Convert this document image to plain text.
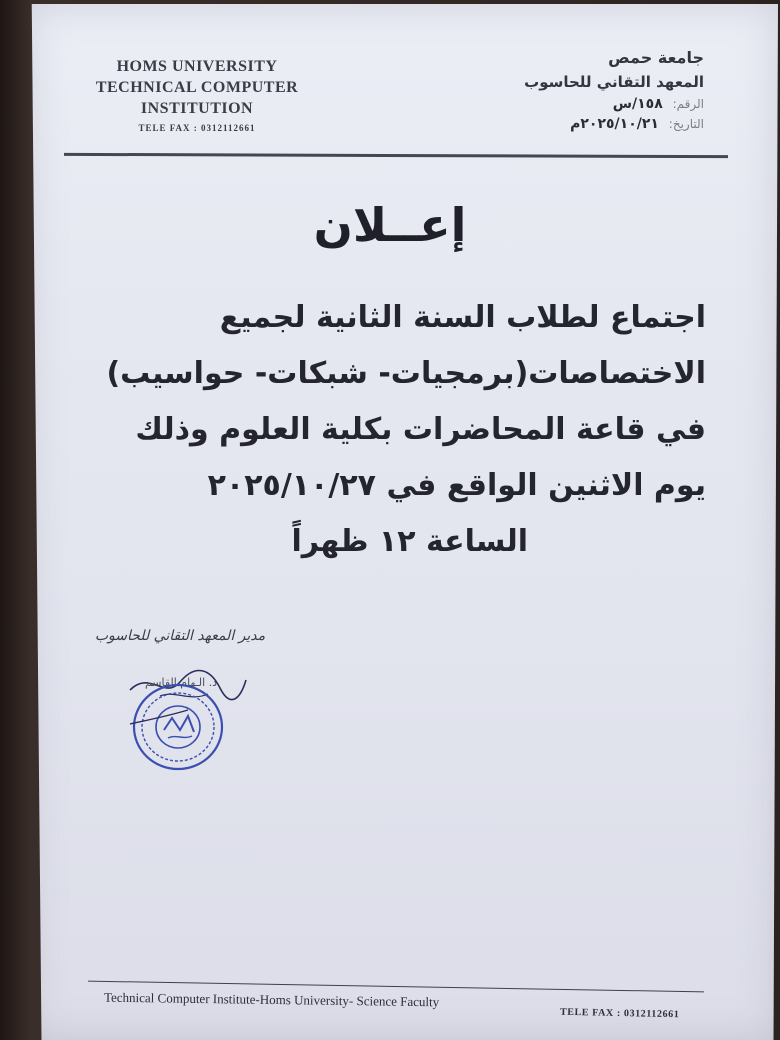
HOMS UNIVERSITY
TECHNICAL COMPUTER
INSTITUTION
TELE FAX : 0312112661
جامعة حمص
المعهد التقاني للحاسوب
الرقم: ١٥٨/س
التاريخ: ٢٠٢٥/١٠/٢١م
إعــلان
اجتماع لطلاب السنة الثانية لجميع
الاختصاصات(برمجيات- شبكات- حواسيب)
في قاعة المحاضرات بكلية العلوم وذلك
يوم الاثنين الواقع في ٢٠٢٥/١٠/٢٧
الساعة ١٢ ظهراً
مدير المعهد التقاني للحاسوب
د. الـهام القاسم
Technical Computer Institute-Homs University- Science Faculty
TELE FAX : 0312112661
